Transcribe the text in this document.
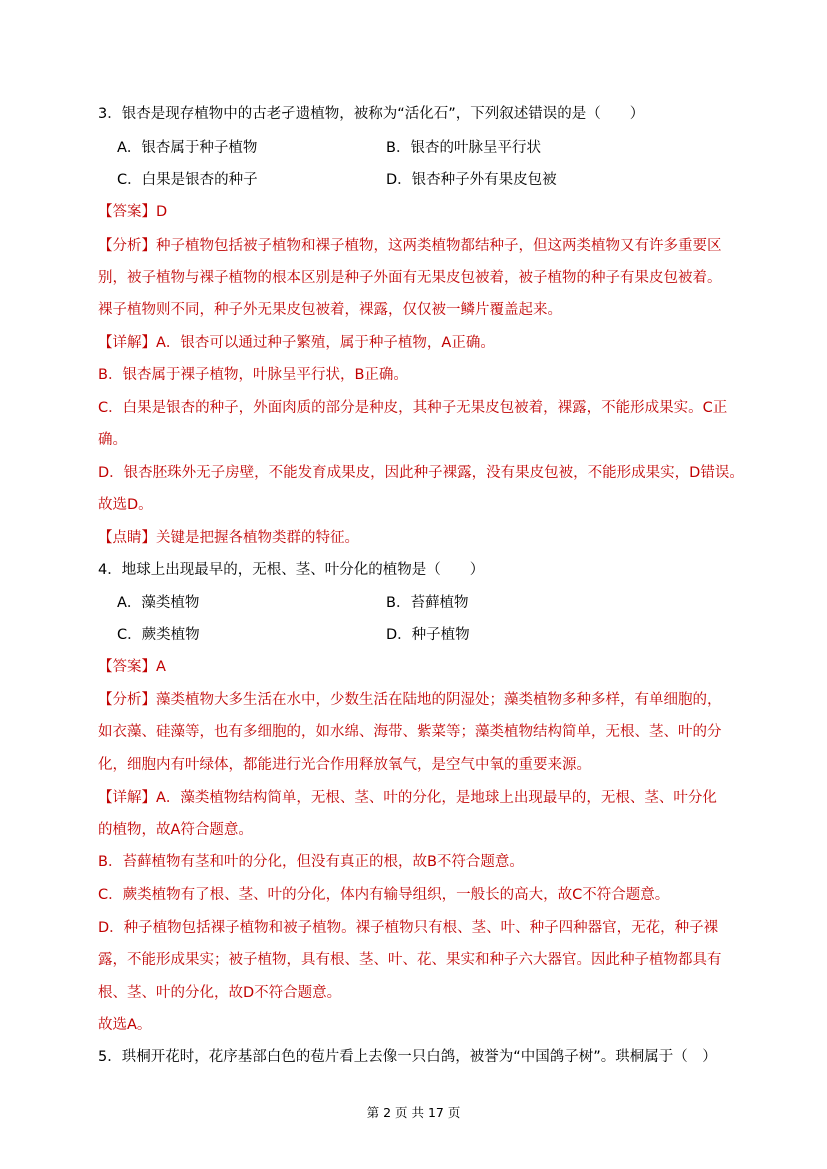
3．银杏是现存植物中的古老孑遗植物，被称为“活化石”，下列叙述错误的是（　　）
A．银杏属于种子植物	B．银杏的叶脉呈平行状
C．白果是银杏的种子	D．银杏种子外有果皮包被
【答案】D
【分析】种子植物包括被子植物和裸子植物，这两类植物都结种子，但这两类植物又有许多重要区
别，被子植物与裸子植物的根本区别是种子外面有无果皮包被着，被子植物的种子有果皮包被着。
裸子植物则不同，种子外无果皮包被着，裸露，仅仅被一鳞片覆盖起来。
【详解】A．银杏可以通过种子繁殖，属于种子植物，A正确。
B．银杏属于裸子植物，叶脉呈平行状，B正确。
C．白果是银杏的种子，外面肉质的部分是种皮，其种子无果皮包被着，裸露，不能形成果实。C正
确。
D．银杏胚珠外无子房壁，不能发育成果皮，因此种子裸露，没有果皮包被，不能形成果实，D错误。
故选D。
【点睛】关键是把握各植物类群的特征。
4．地球上出现最早的，无根、茎、叶分化的植物是（　　）
A．藻类植物	B．苔藓植物
C．蕨类植物	D．种子植物
【答案】A
【分析】藻类植物大多生活在水中，少数生活在陆地的阴湿处；藻类植物多种多样，有单细胞的，
如衣藻、硅藻等，也有多细胞的，如水绵、海带、紫菜等；藻类植物结构简单，无根、茎、叶的分
化，细胞内有叶绿体，都能进行光合作用释放氧气，是空气中氧的重要来源。
【详解】A．藻类植物结构简单，无根、茎、叶的分化，是地球上出现最早的，无根、茎、叶分化
的植物，故A符合题意。
B．苔藓植物有茎和叶的分化，但没有真正的根，故B不符合题意。
C．蕨类植物有了根、茎、叶的分化，体内有输导组织，一般长的高大，故C不符合题意。
D．种子植物包括裸子植物和被子植物。裸子植物只有根、茎、叶、种子四种器官，无花，种子裸
露，不能形成果实；被子植物，具有根、茎、叶、花、果实和种子六大器官。因此种子植物都具有
根、茎、叶的分化，故D不符合题意。
故选A。
5．珙桐开花时，花序基部白色的苞片看上去像一只白鸽，被誉为“中国鸽子树”。珙桐属于（　）
第 2 页 共 17 页
